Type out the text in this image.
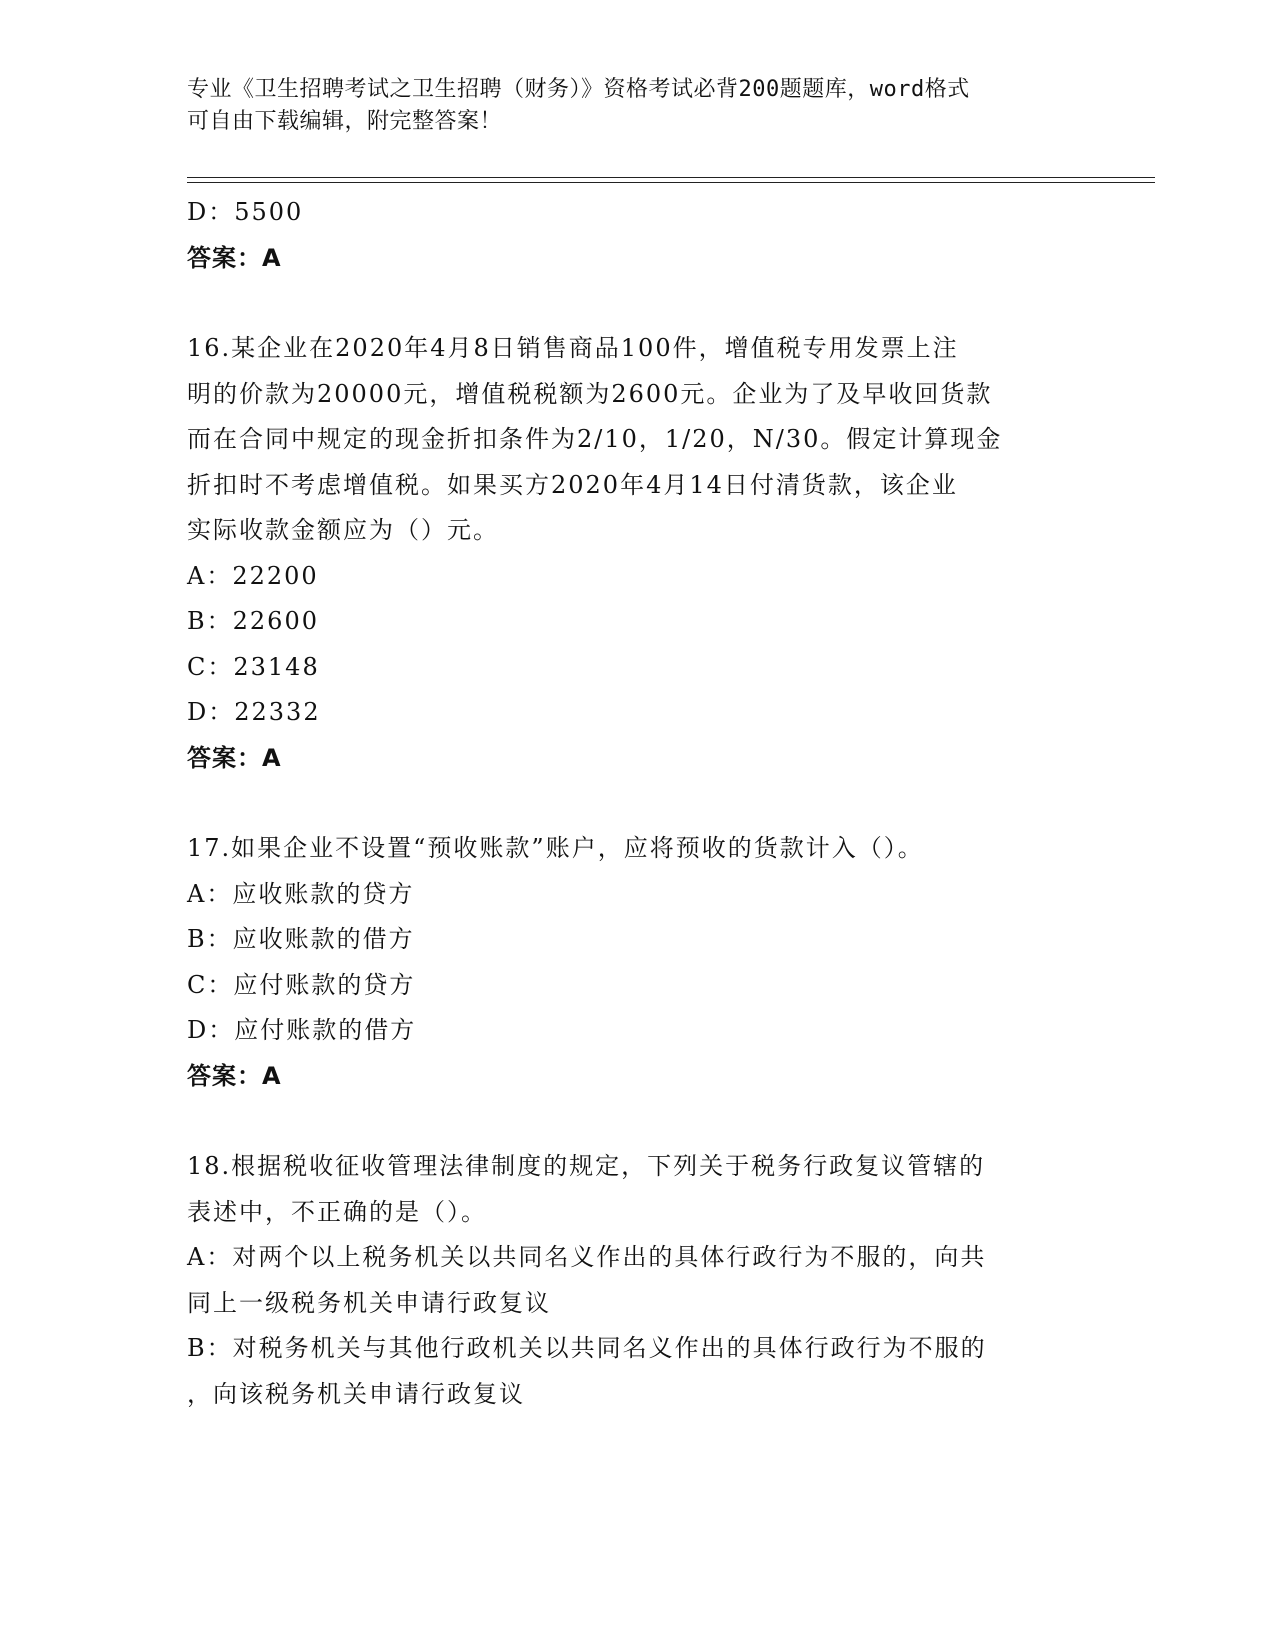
专业《卫生招聘考试之卫生招聘（财务）》资格考试必背200题题库，word格式
可自由下载编辑，附完整答案！
D：5500
答案：A
16.某企业在2020年4月8日销售商品100件，增值税专用发票上注
明的价款为20000元，增值税税额为2600元。企业为了及早收回货款
而在合同中规定的现金折扣条件为2/10，1/20，N/30。假定计算现金
折扣时不考虑增值税。如果买方2020年4月14日付清货款，该企业
实际收款金额应为（）元。
A：22200
B：22600
C：23148
D：22332
答案：A
17.如果企业不设置“预收账款”账户，应将预收的货款计入（）。
A：应收账款的贷方
B：应收账款的借方
C：应付账款的贷方
D：应付账款的借方
答案：A
18.根据税收征收管理法律制度的规定，下列关于税务行政复议管辖的
表述中，不正确的是（）。
A：对两个以上税务机关以共同名义作出的具体行政行为不服的，向共
同上一级税务机关申请行政复议
B：对税务机关与其他行政机关以共同名义作出的具体行政行为不服的
，向该税务机关申请行政复议
